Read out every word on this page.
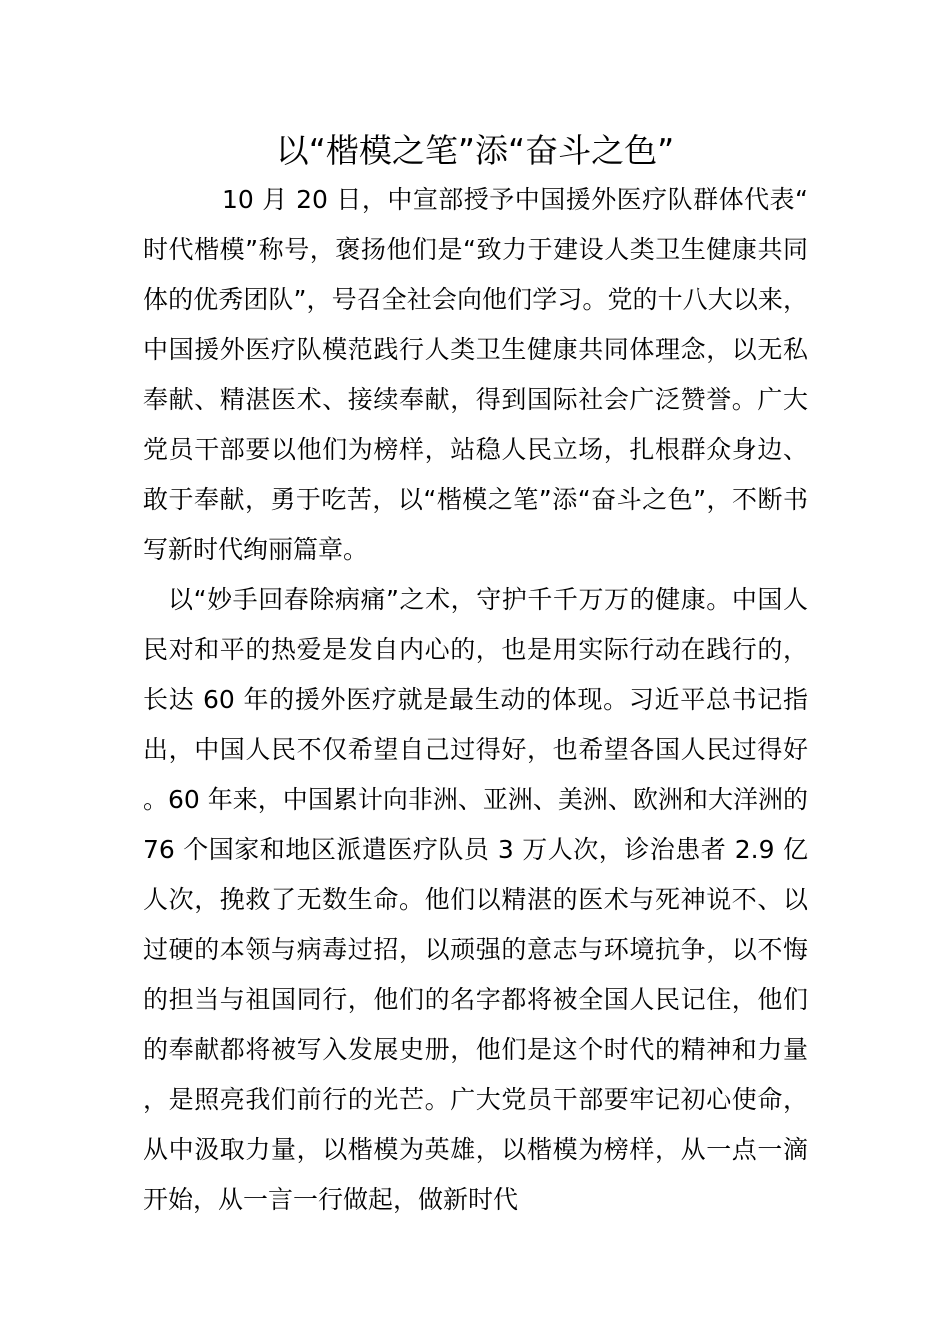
以“楷模之笔”添“奋斗之色”

10 月 20 日，中宣部授予中国援外医疗队群体代表“时代楷模”称号，褒扬他们是“致力于建设人类卫生健康共同体的优秀团队”，号召全社会向他们学习。党的十八大以来，中国援外医疗队模范践行人类卫生健康共同体理念，以无私奉献、精湛医术、接续奉献，得到国际社会广泛赞誉。广大党员干部要以他们为榜样，站稳人民立场，扎根群众身边、敢于奉献，勇于吃苦，以“楷模之笔”添“奋斗之色”，不断书写新时代绚丽篇章。

以“妙手回春除病痛”之术，守护千千万万的健康。中国人民对和平的热爱是发自内心的，也是用实际行动在践行的，长达 60 年的援外医疗就是最生动的体现。习近平总书记指出，中国人民不仅希望自己过得好，也希望各国人民过得好。60 年来，中国累计向非洲、亚洲、美洲、欧洲和大洋洲的 76 个国家和地区派遣医疗队员 3 万人次，诊治患者 2.9 亿人次，挽救了无数生命。他们以精湛的医术与死神说不、以过硬的本领与病毒过招，以顽强的意志与环境抗争，以不悔的担当与祖国同行，他们的名字都将被全国人民记住，他们的奉献都将被写入发展史册，他们是这个时代的精神和力量，是照亮我们前行的光芒。广大党员干部要牢记初心使命，从中汲取力量，以楷模为英雄，以楷模为榜样，从一点一滴开始，从一言一行做起，做新时代
